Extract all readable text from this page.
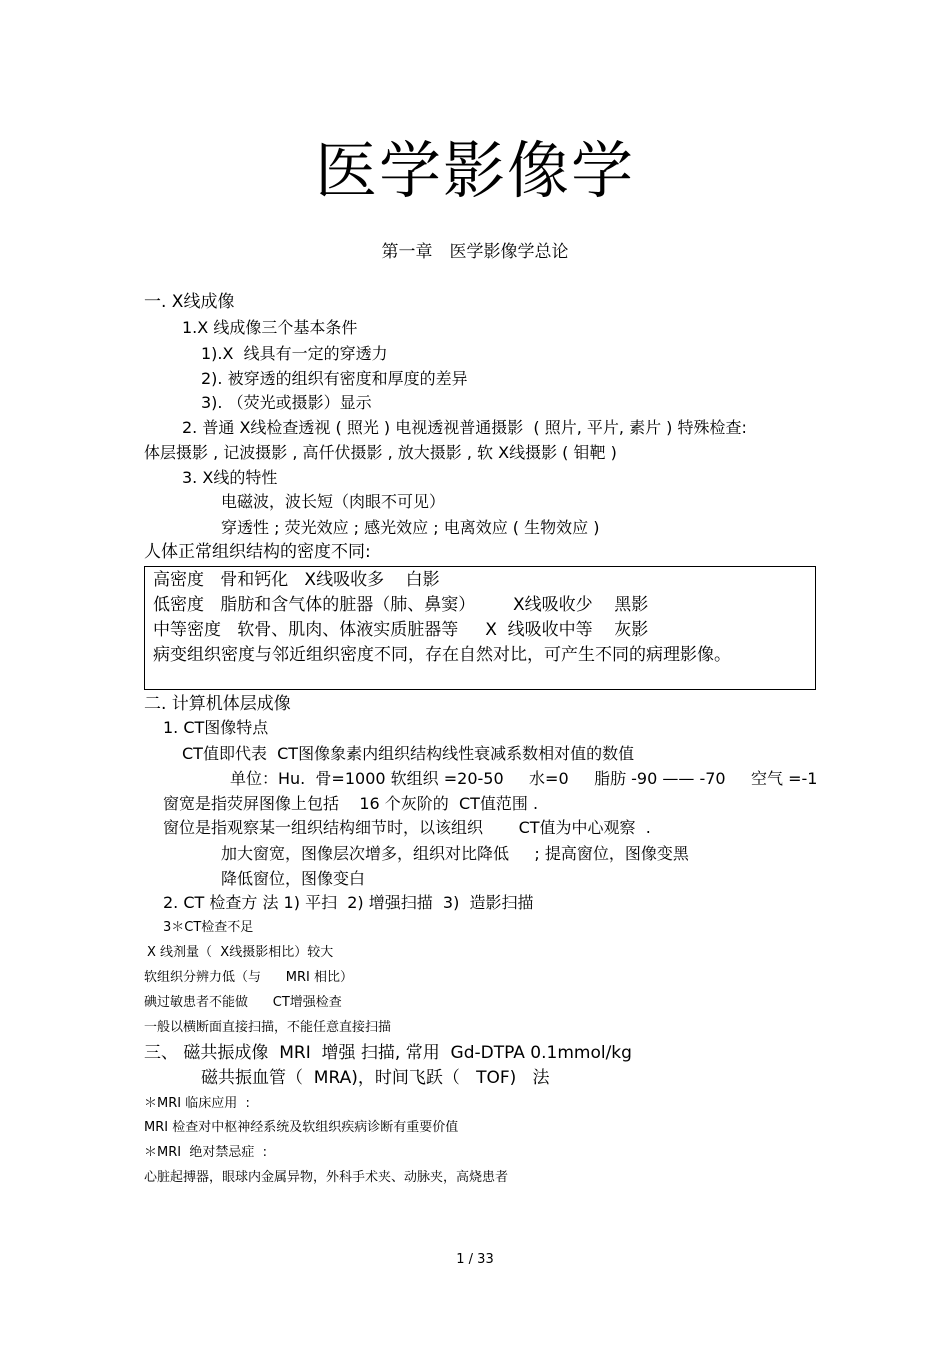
医学影像学
第一章　医学影像学总论
一. X线成像
1.X 线成像三个基本条件
1).X  线具有一定的穿透力
2). 被穿透的组织有密度和厚度的差异
3). （荧光或摄影）显示
2. 普通 X线检查透视 ( 照光 ) 电视透视普通摄影  ( 照片, 平片, 素片 ) 特殊检查:
体层摄影 , 记波摄影 , 高仟伏摄影 , 放大摄影 , 软 X线摄影 ( 钼靶 )
3. X线的特性
电磁波，波长短（肉眼不可见）
穿透性 ; 荧光效应 ; 感光效应 ; 电离效应 ( 生物效应 )
人体正常组织结构的密度不同:
高密度   骨和钙化   X线吸收多    白影
低密度   脂肪和含气体的脏器（肺、鼻窦）       X线吸收少    黑影
中等密度   软骨、肌肉、体液实质脏器等     X  线吸收中等    灰影
病变组织密度与邻近组织密度不同，存在自然对比，可产生不同的病理影像。
二. 计算机体层成像
1. CT图像特点
CT值即代表  CT图像象素内组织结构线性衰减系数相对值的数值
单位：Hu.  骨=1000 软组织 =20-50     水=0     脂肪 -90 —— -70     空气 =-1
窗宽是指荧屏图像上包括    16 个灰阶的  CT值范围 .
窗位是指观察某一组织结构细节时，以该组织       CT值为中心观察  .
加大窗宽，图像层次增多，组织对比降低     ; 提高窗位，图像变黑
降低窗位，图像变白
2. CT 检查方 法 1) 平扫  2) 增强扫描  3)  造影扫描
3＊CT检查不足
X 线剂量（  X线摄影相比）较大
软组织分辨力低（与      MRI 相比）
碘过敏患者不能做      CT增强检查
一般以横断面直接扫描，不能任意直接扫描
三、 磁共振成像  MRI  增强 扫描, 常用  Gd-DTPA 0.1mmol/kg
磁共振血管（  MRA)，时间飞跃（   TOF)   法
＊MRI 临床应用  :
MRI 检查对中枢神经系统及软组织疾病诊断有重要价值
＊MRI  绝对禁忌症  :
心脏起搏器，眼球内金属异物，外科手术夹、动脉夹，高烧患者
1 / 33
